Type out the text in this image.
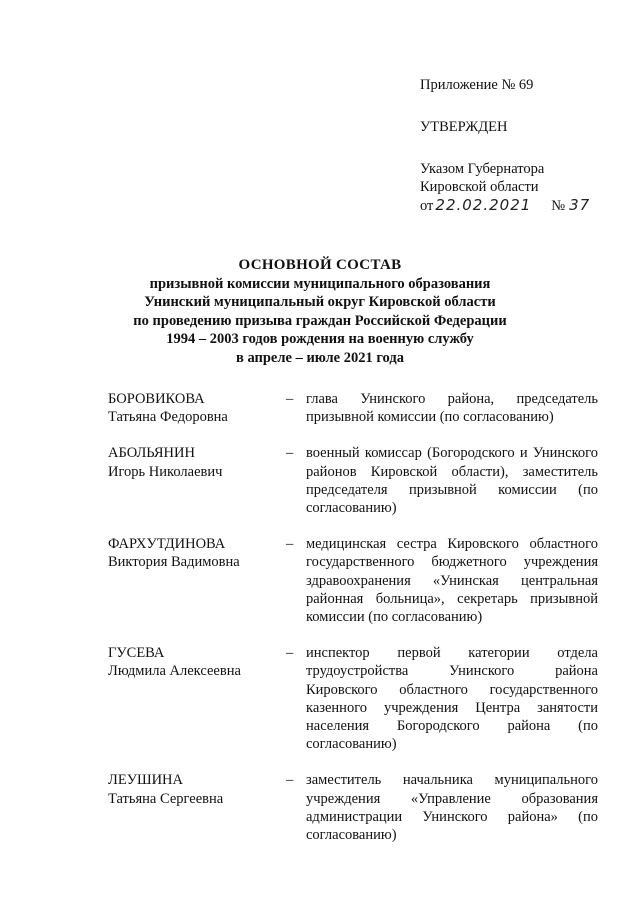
Приложение № 69
УТВЕРЖДЕН
Указом Губернатора
Кировской области
от 22.02.2021 № 37
ОСНОВНОЙ СОСТАВ
призывной комиссии муниципального образования
Унинский муниципальный округ Кировской области
по проведению призыва граждан Российской Федерации
1994 – 2003 годов рождения на военную службу
в апреле – июле 2021 года
БОРОВИКОВА
Татьяна Федоровна
– глава Унинского района, председатель призывной комиссии (по согласованию)
АБОЛЬЯНИН
Игорь Николаевич
– военный комиссар (Богородского и Унинского районов Кировской области), заместитель председателя призывной комиссии (по согласованию)
ФАРХУТДИНОВА
Виктория Вадимовна
– медицинская сестра Кировского областного государственного бюджетного учреждения здравоохранения «Унинская центральная районная больница», секретарь призывной комиссии (по согласованию)
ГУСЕВА
Людмила Алексеевна
– инспектор первой категории отдела трудоустройства Унинского района Кировского областного государственного казенного учреждения Центра занятости населения Богородского района (по согласованию)
ЛЕУШИНА
Татьяна Сергеевна
– заместитель начальника муниципального учреждения «Управление образования администрации Унинского района» (по согласованию)
